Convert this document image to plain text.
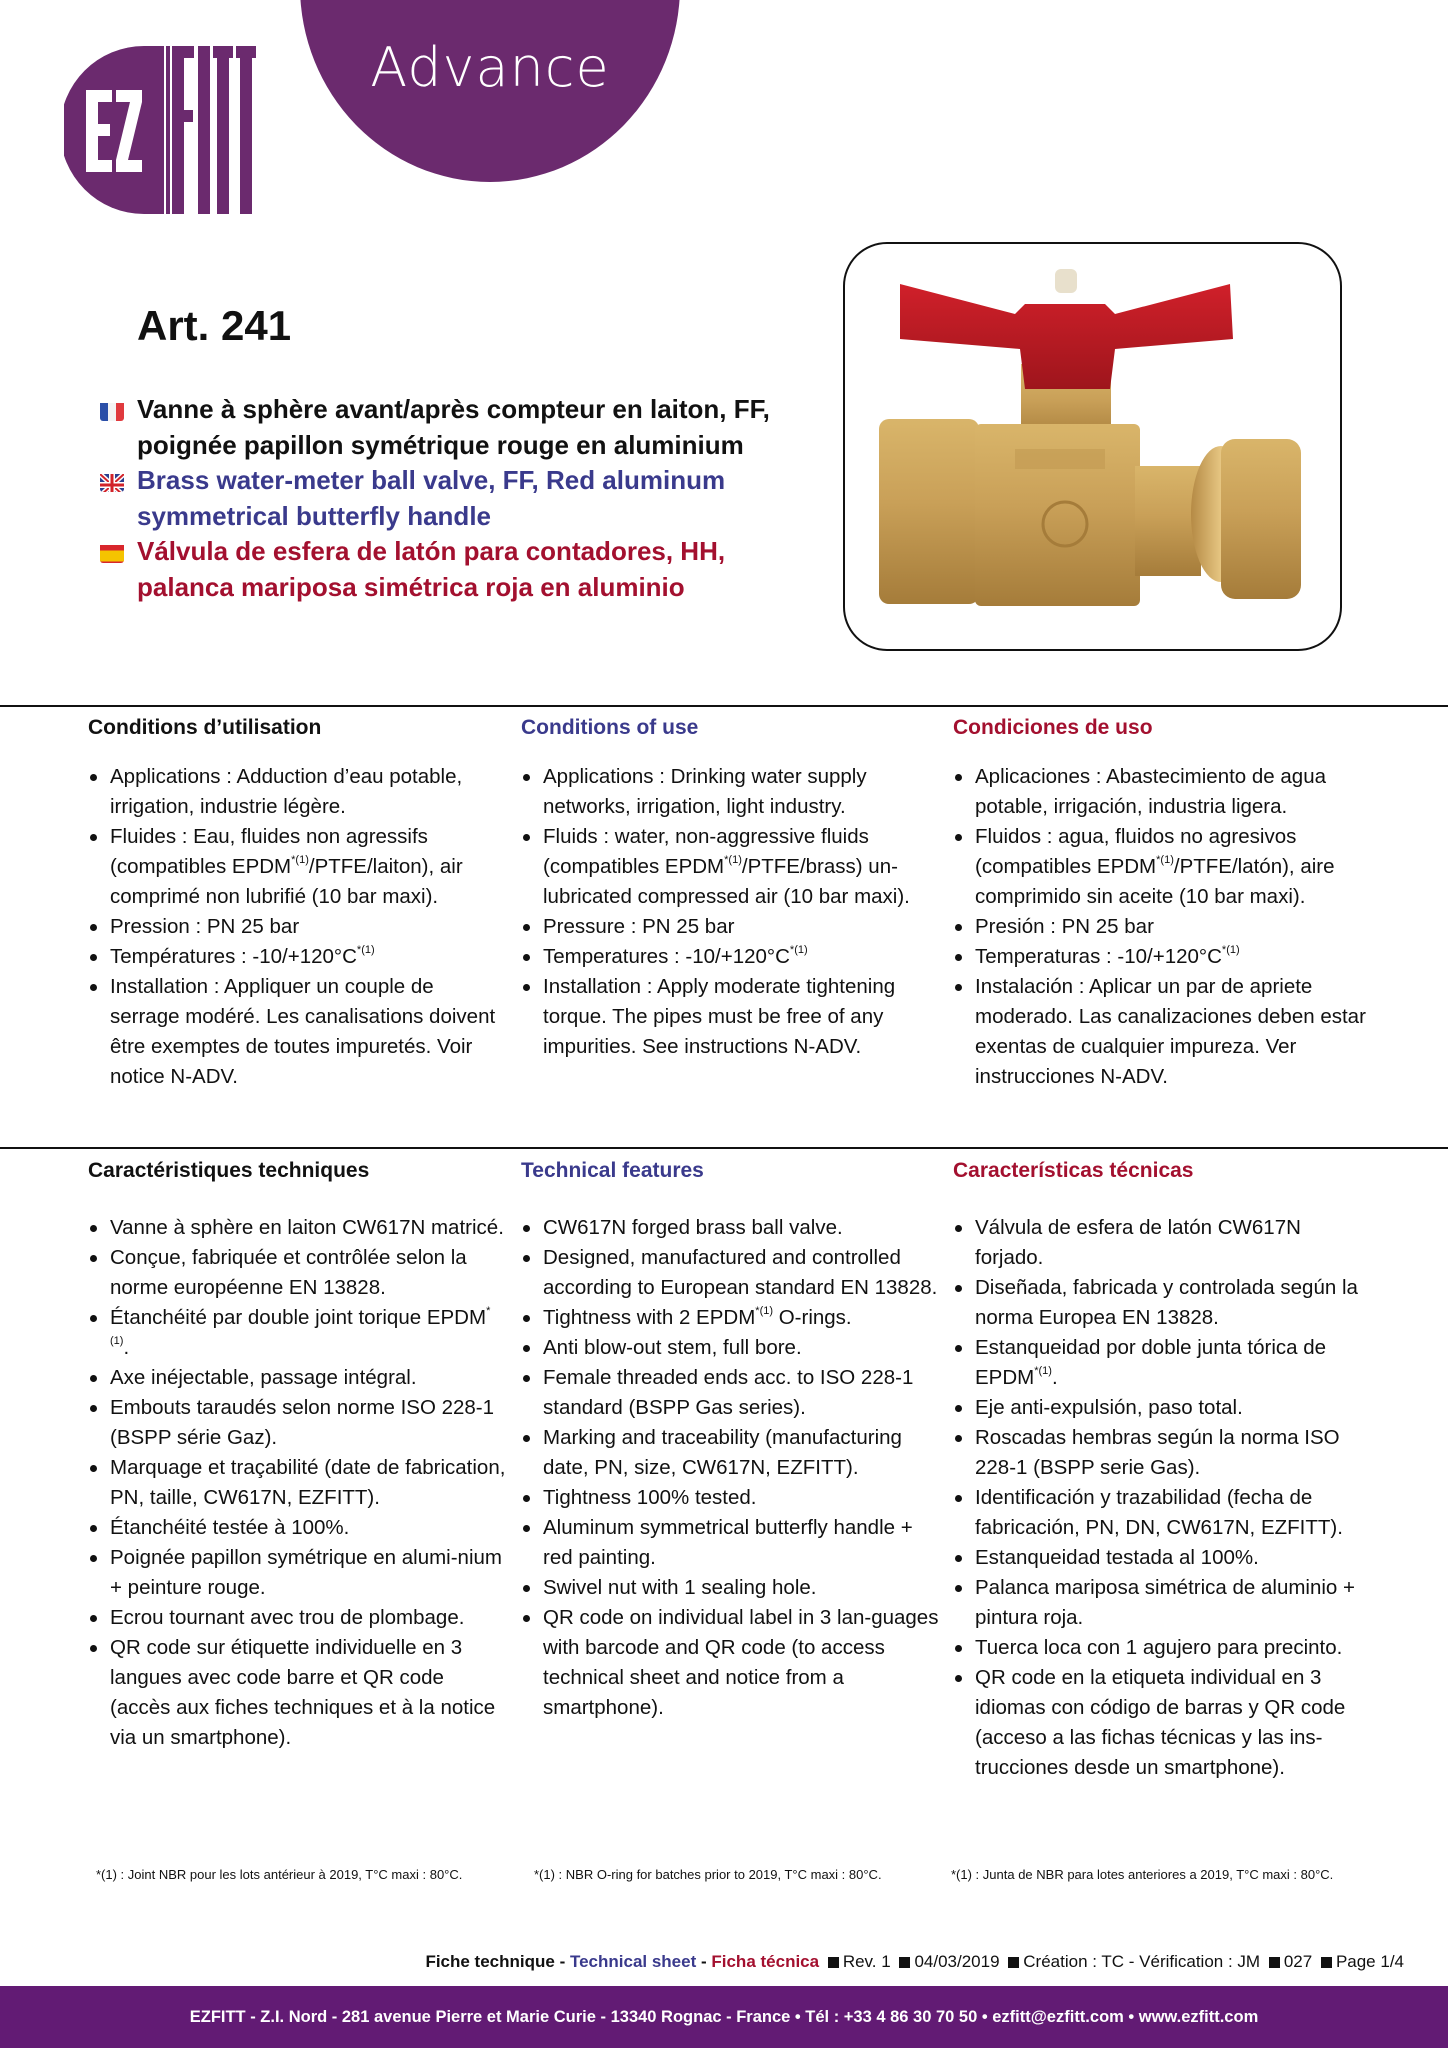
Advance
Art. 241
Vanne à sphère avant/après compteur en laiton, FF,
poignée papillon symétrique rouge en aluminium
Brass water-meter ball valve, FF, Red aluminum
symmetrical butterfly handle
Válvula de esfera de latón para contadores, HH,
palanca mariposa simétrica roja en aluminio
Conditions d’utilisation
Applications : Adduction d’eau potable, irrigation, industrie légère.
Fluides : Eau, fluides non agressifs (compatibles EPDM$^{*(1)}$/PTFE/laiton), air comprimé non lubrifié (10 bar maxi).
Pression : PN 25 bar
Températures : $-10/+120^\circ C^{*(1)}$
Installation : Appliquer un couple de serrage modéré. Les canalisations doivent être exemptes de toutes impuretés. Voir notice N-ADV.
Conditions of use
Applications : Drinking water supply networks, irrigation, light industry.
Fluids : water, non-aggressive fluids (compatibles EPDM$^{*(1)}$/PTFE/brass) un-lubricated compressed air (10 bar maxi).
Pressure : PN 25 bar
Temperatures : $-10/+120^\circ C^{*(1)}$
Installation : Apply moderate tightening torque. The pipes must be free of any impurities. See instructions N-ADV.
Condiciones de uso
Aplicaciones : Abastecimiento de agua potable, irrigación, industria ligera.
Fluidos : agua, fluidos no agresivos (compatibles EPDM$^{*(1)}$/PTFE/latón), aire comprimido sin aceite (10 bar maxi).
Presión : PN 25 bar
Temperaturas : $-10/+120^\circ C^{*(1)}$
Instalación : Aplicar un par de apriete moderado. Las canalizaciones deben estar exentas de cualquier impureza. Ver instrucciones N-ADV.
Caractéristiques techniques
Vanne à sphère en laiton CW617N matricé.
Conçue, fabriquée et contrôlée selon la norme européenne EN 13828.
Étanchéité par double joint torique EPDM$^{*(1)}$.
Axe inéjectable, passage intégral.
Embouts taraudés selon norme ISO 228-1 (BSPP série Gaz).
Marquage et traçabilité (date de fabrication, PN, taille, CW617N, EZFITT).
Étanchéité testée à 100%.
Poignée papillon symétrique en alumi-nium + peinture rouge.
Ecrou tournant avec trou de plombage.
QR code sur étiquette individuelle en 3 langues avec code barre et QR code (accès aux fiches techniques et à la notice via un smartphone).
Technical features
CW617N forged brass ball valve.
Designed, manufactured and controlled according to European standard EN 13828.
Tightness with 2 EPDM$^{*(1)}$ O-rings.
Anti blow-out stem, full bore.
Female threaded ends acc. to ISO 228-1 standard (BSPP Gas series).
Marking and traceability (manufacturing date, PN, size, CW617N, EZFITT).
Tightness 100% tested.
Aluminum symmetrical butterfly handle + red painting.
Swivel nut with 1 sealing hole.
QR code on individual label in 3 lan-guages with barcode and QR code (to access technical sheet and notice from a smartphone).
Características técnicas
Válvula de esfera de latón CW617N forjado.
Diseñada, fabricada y controlada según la norma Europea EN 13828.
Estanqueidad por doble junta tórica de EPDM$^{*(1)}$.
Eje anti-expulsión, paso total.
Roscadas hembras según la norma ISO 228-1 (BSPP serie Gas).
Identificación y trazabilidad (fecha de fabricación, PN, DN, CW617N, EZFITT).
Estanqueidad testada al 100%.
Palanca mariposa simétrica de aluminio + pintura roja.
Tuerca loca con 1 agujero para precinto.
QR code en la etiqueta individual en 3 idiomas con código de barras y QR code (acceso a las fichas técnicas y las ins-trucciones desde un smartphone).
*(1) : Joint NBR pour les lots antérieur à 2019, T°C maxi : 80°C.	*(1) : NBR O-ring for batches prior to 2019, T°C maxi : 80°C.	*(1) : Junta de NBR para lotes anteriores a 2019, T°C maxi : 80°C.
Fiche technique - Technical sheet - Ficha técnica Rev. 1 04/03/2019 Création : TC - Vérification : JM 027 Page 1/4
EZFITT - Z.I. Nord - 281 avenue Pierre et Marie Curie - 13340 Rognac - France • Tél : +33 4 86 30 70 50 • ezfitt@ezfitt.com • www.ezfitt.com
